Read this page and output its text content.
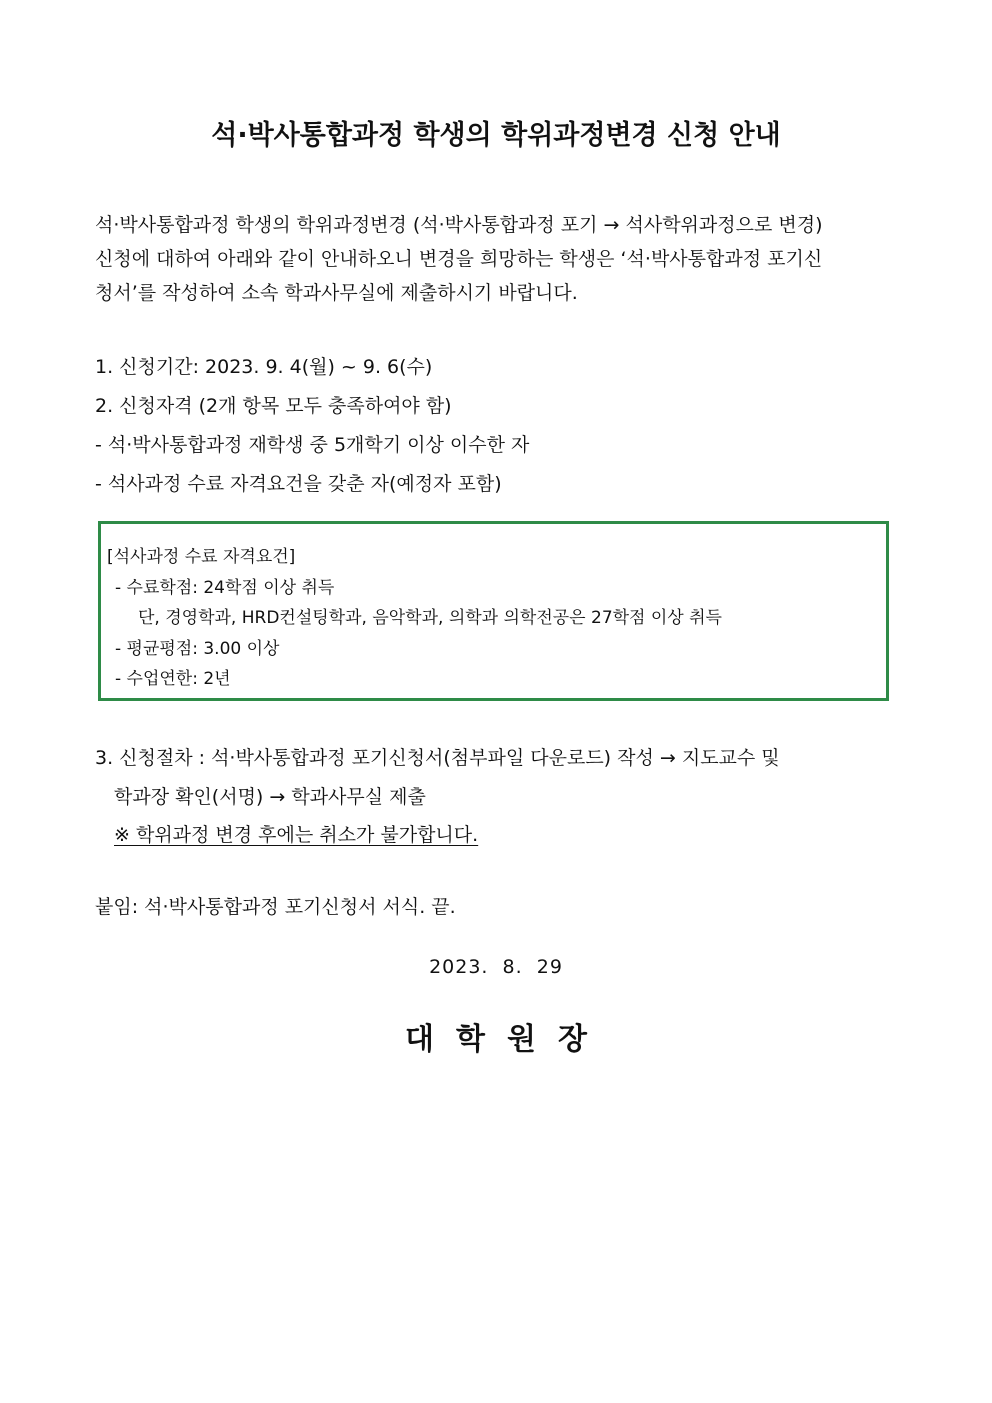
석·박사통합과정 학생의 학위과정변경 신청 안내
석·박사통합과정 학생의 학위과정변경 (석·박사통합과정 포기 → 석사학위과정으로 변경)
신청에 대하여 아래와 같이 안내하오니 변경을 희망하는 학생은 ‘석·박사통합과정 포기신
청서’를 작성하여 소속 학과사무실에 제출하시기 바랍니다.
1. 신청기간: 2023. 9. 4(월) ~ 9. 6(수)
2. 신청자격 (2개 항목 모두 충족하여야 함)
- 석·박사통합과정 재학생 중 5개학기 이상 이수한 자
- 석사과정 수료 자격요건을 갖춘 자(예정자 포함)
[석사과정 수료 자격요건]
- 수료학점: 24학점 이상 취득
단, 경영학과, HRD컨설팅학과, 음악학과, 의학과 의학전공은 27학점 이상 취득
- 평균평점: 3.00 이상
- 수업연한: 2년
3. 신청절차 : 석·박사통합과정 포기신청서(첨부파일 다운로드) 작성 → 지도교수 및
학과장 확인(서명) → 학과사무실 제출
※ 학위과정 변경 후에는 취소가 불가합니다.
붙임: 석·박사통합과정 포기신청서 서식. 끝.
2023.  8.  29
대학원장
